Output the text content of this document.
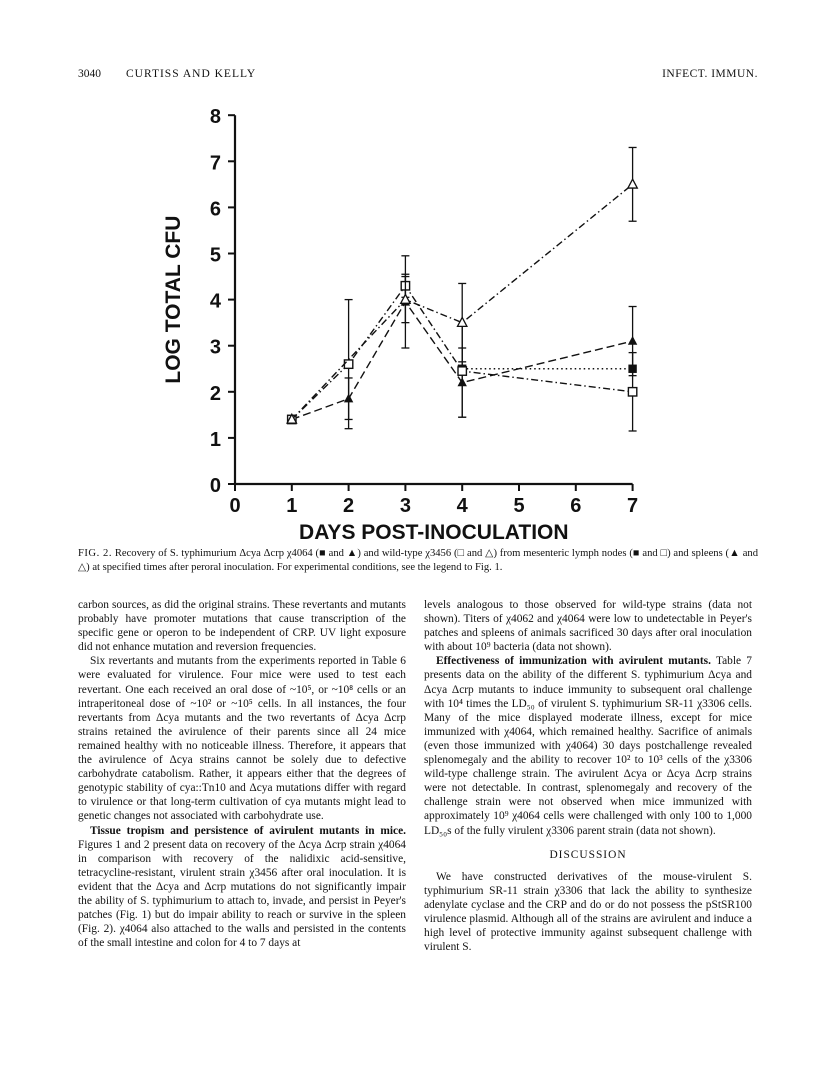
3040 CURTISS AND KELLY	INFECT. IMMUN.
0
1
2
3
4
5
6
7
8
0 1 2 3 4 5 6 7
DAYS POST-INOCULATION
LOG TOTAL CFU
FIG. 2. Recovery of S. typhimurium Δcya Δcrp χ4064 (■ and ▲) and wild-type χ3456 (□ and △) from mesenteric lymph nodes (■ and □) and spleens (▲ and △) at specified times after peroral inoculation. For experimental conditions, see the legend to Fig. 1.

carbon sources, as did the original strains. These revertants and mutants probably have promoter mutations that cause transcription of the specific gene or operon to be independent of CRP. UV light exposure did not enhance mutation and reversion frequencies.

Six revertants and mutants from the experiments reported in Table 6 were evaluated for virulence. Four mice were used to test each revertant. One each received an oral dose of ~10⁵, or ~10⁸ cells or an intraperitoneal dose of ~10² or ~10⁵ cells. In all instances, the four revertants from Δcya mutants and the two revertants of Δcya Δcrp strains retained the avirulence of their parents since all 24 mice remained healthy with no noticeable illness. Therefore, it appears that the avirulence of Δcya strains cannot be solely due to defective carbohydrate catabolism. Rather, it appears either that the degrees of genotypic stability of cya::Tn10 and Δcya mutations differ with regard to virulence or that long-term cultivation of cya mutants might lead to genetic changes not associated with carbohydrate use.

Tissue tropism and persistence of avirulent mutants in mice. Figures 1 and 2 present data on recovery of the Δcya Δcrp strain χ4064 in comparison with recovery of the nalidixic acid-sensitive, tetracycline-resistant, virulent strain χ3456 after oral inoculation. It is evident that the Δcya and Δcrp mutations do not significantly impair the ability of S. typhimurium to attach to, invade, and persist in Peyer's patches (Fig. 1) but do impair ability to reach or survive in the spleen (Fig. 2). χ4064 also attached to the walls and persisted in the contents of the small intestine and colon for 4 to 7 days at

levels analogous to those observed for wild-type strains (data not shown). Titers of χ4062 and χ4064 were low to undetectable in Peyer's patches and spleens of animals sacrificed 30 days after oral inoculation with about 10⁹ bacteria (data not shown).

Effectiveness of immunization with avirulent mutants. Table 7 presents data on the ability of the different S. typhimurium Δcya and Δcya Δcrp mutants to induce immunity to subsequent oral challenge with 10⁴ times the LD₅₀ of virulent S. typhimurium SR-11 χ3306 cells. Many of the mice displayed moderate illness, except for mice immunized with χ4064, which remained healthy. Sacrifice of animals (even those immunized with χ4064) 30 days postchallenge revealed splenomegaly and the ability to recover 10² to 10³ cells of the χ3306 wild-type challenge strain. The avirulent Δcya or Δcya Δcrp strains were not detectable. In contrast, splenomegaly and recovery of the challenge strain were not observed when mice immunized with approximately 10⁹ χ4064 cells were challenged with only 100 to 1,000 LD₅₀s of the fully virulent χ3306 parent strain (data not shown).

DISCUSSION

We have constructed derivatives of the mouse-virulent S. typhimurium SR-11 strain χ3306 that lack the ability to synthesize adenylate cyclase and the CRP and do or do not possess the pStSR100 virulence plasmid. Although all of the strains are avirulent and induce a high level of protective immunity against subsequent challenge with virulent S.
